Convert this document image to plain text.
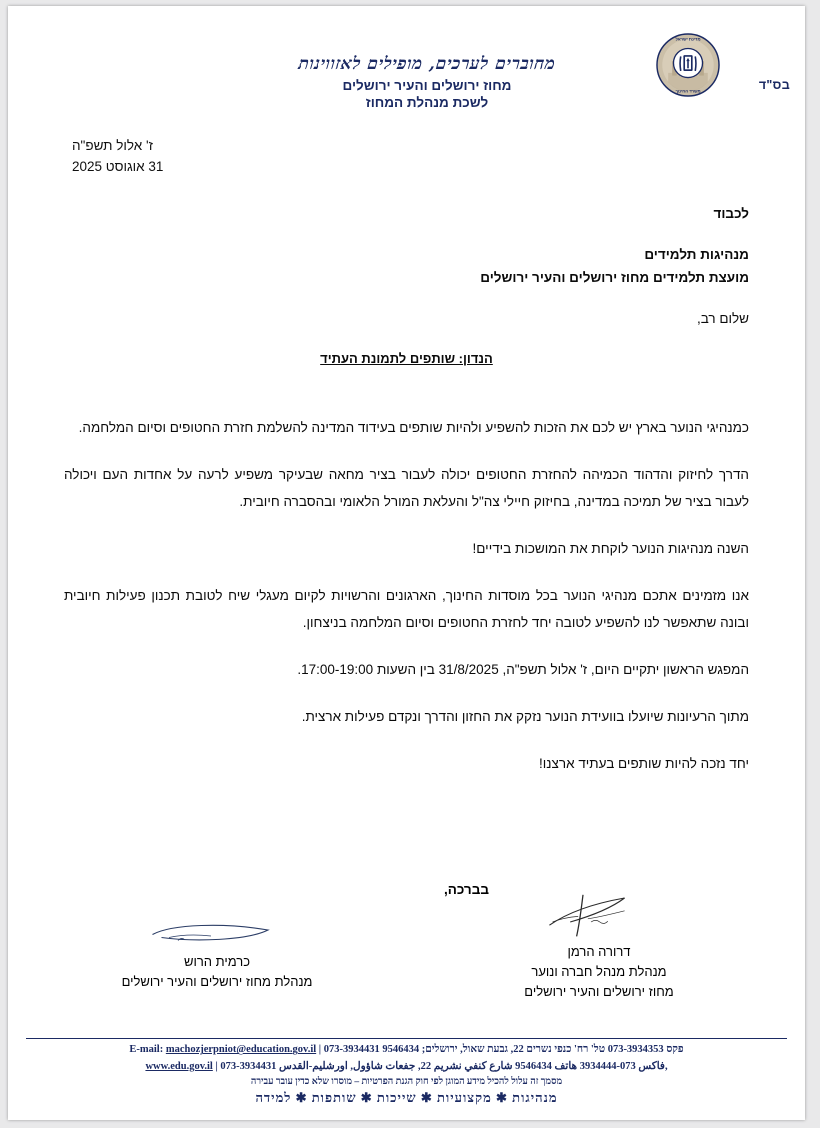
מדינת ישראל
משרד החינוך	בס"ד
מחוברים לערכים, מופילים לאזווינות
מחוז ירושלים והעיר ירושלים
לשכת מנהלת המחוז
ז' אלול תשפ"ה
31 אוגוסט 2025
לכבוד
מנהיגות תלמידים
מועצת תלמידים מחוז ירושלים והעיר ירושלים
שלום רב,
הנדון: שותפים לתמונת העתיד
כמנהיגי הנוער בארץ יש לכם את הזכות להשפיע ולהיות שותפים בעידוד המדינה להשלמת חזרת החטופים וסיום המלחמה.
הדרך לחיזוק והדהוד הכמיהה להחזרת החטופים יכולה לעבור בציר מחאה שבעיקר משפיע לרעה על אחדות העם ויכולה לעבור בציר של תמיכה במדינה, בחיזוק חיילי צה"ל והעלאת המורל הלאומי ובהסברה חיובית.
השנה מנהיגות הנוער לוקחת את המושכות בידיים!
אנו מזמינים אתכם מנהיגי הנוער בכל מוסדות החינוך, הארגונים והרשויות לקיום מעגלי שיח לטובת תכנון פעילות חיובית ובונה שתאפשר לנו להשפיע לטובה יחד לחזרת החטופים וסיום המלחמה בניצחון.
המפגש הראשון יתקיים היום, ז' אלול תשפ"ה, 31/8/2025 בין השעות 17:00-19:00.
מתוך הרעיונות שיועלו בוועידת הנוער נזקק את החזון והדרך ונקדם פעילות ארצית.
יחד נזכה להיות שותפים בעתיד ארצנו!
בברכה,
דרורה הרמן
מנהלת מנהל חברה ונוער
מחוז ירושלים והעיר ירושלים
כרמית הרוש
מנהלת מחוז ירושלים והעיר ירושלים
E-mail: machozjerpniot@education.gov.il | 073-3934431 פקס 073-3934353 טל' רח' כנפי נשרים 22, גבעת שאול, ירושלים; 9546434
www.edu.gov.il | 073-3934431 فاكس 073-3934444 هاتف 9546434 شارع كنفي نشريم 22, جفعات شاؤول, اورشليم-القدس,
מסמך זה עלול להכיל מידע המוגן לפי חוק הגנת הפרטיות – מוסרו שלא כדין עובר עבירה
מנהיגות ✱ מקצועיות ✱ שייכות ✱ שותפות ✱ למידה
